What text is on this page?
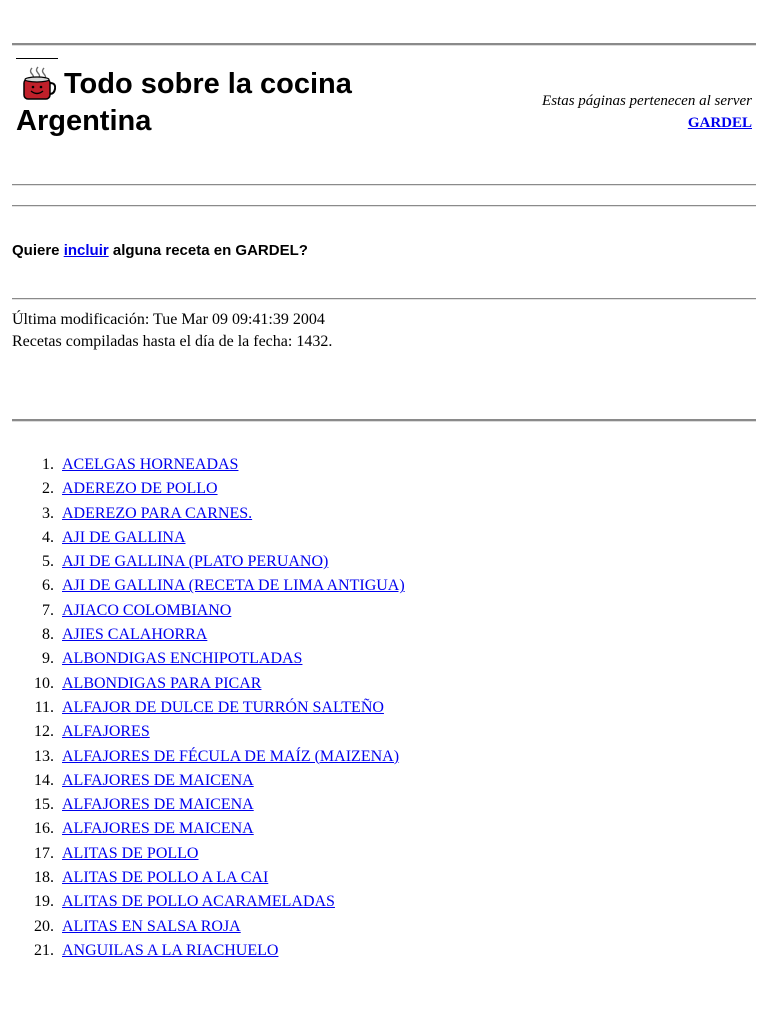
Todo sobre la cocina
Argentina
Estas páginas pertenecen al server
GARDEL
Quiere incluir alguna receta en GARDEL?
Última modificación: Tue Mar 09 09:41:39 2004
Recetas compiladas hasta el día de la fecha: 1432.
1. ACELGAS HORNEADAS
2. ADEREZO DE POLLO
3. ADEREZO PARA CARNES.
4. AJI DE GALLINA
5. AJI DE GALLINA (PLATO PERUANO)
6. AJI DE GALLINA (RECETA DE LIMA ANTIGUA)
7. AJIACO COLOMBIANO
8. AJIES CALAHORRA
9. ALBONDIGAS ENCHIPOTLADAS
10. ALBONDIGAS PARA PICAR
11. ALFAJOR DE DULCE DE TURRÓN SALTEÑO
12. ALFAJORES
13. ALFAJORES DE FÉCULA DE MAÍZ (MAIZENA)
14. ALFAJORES DE MAICENA
15. ALFAJORES DE MAICENA
16. ALFAJORES DE MAICENA
17. ALITAS DE POLLO
18. ALITAS DE POLLO A LA CAI
19. ALITAS DE POLLO ACARAMELADAS
20. ALITAS EN SALSA ROJA
21. ANGUILAS A LA RIACHUELO
